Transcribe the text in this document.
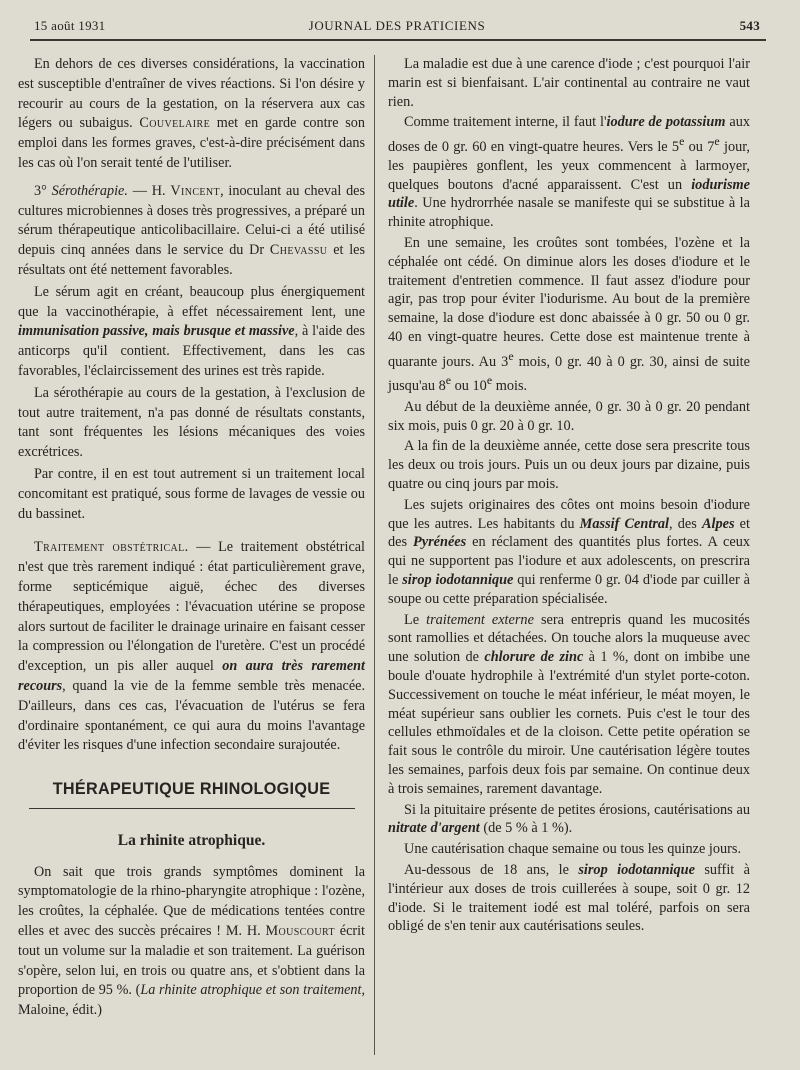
15 août 1931	JOURNAL DES PRATICIENS	543

En dehors de ces diverses considérations, la vaccination est susceptible d'entraîner de vives réactions. Si l'on désire y recourir au cours de la gestation, on la réservera aux cas légers ou subaigus. Couvelaire met en garde contre son emploi dans les formes graves, c'est-à-dire précisément dans les cas où l'on serait tenté de l'utiliser.

3° Sérothérapie. — H. Vincent, inoculant au cheval des cultures microbiennes à doses très progressives, a préparé un sérum thérapeutique anticolibacillaire. Celui-ci a été utilisé depuis cinq années dans le service du Dr Chevassu et les résultats ont été nettement favorables.

Le sérum agit en créant, beaucoup plus énergiquement que la vaccinothérapie, à effet nécessairement lent, une immunisation passive, mais brusque et massive, à l'aide des anticorps qu'il contient. Effectivement, dans les cas favorables, l'éclaircissement des urines est très rapide.

La sérothérapie au cours de la gestation, à l'exclusion de tout autre traitement, n'a pas donné de résultats constants, tant sont fréquentes les lésions mécaniques des voies excrétrices.

Par contre, il en est tout autrement si un traitement local concomitant est pratiqué, sous forme de lavages de vessie ou du bassinet.

Traitement obstétrical. — Le traitement obstétrical n'est que très rarement indiqué : état particulièrement grave, forme septicémique aiguë, échec des diverses thérapeutiques, employées : l'évacuation utérine se propose alors surtout de faciliter le drainage urinaire en faisant cesser la compression ou l'élongation de l'uretère. C'est un procédé d'exception, un pis aller auquel on aura très rarement recours, quand la vie de la femme semble très menacée. D'ailleurs, dans ces cas, l'évacuation de l'utérus se fera d'ordinaire spontanément, ce qui aura du moins l'avantage d'éviter les risques d'une infection secondaire surajoutée.

THÉRAPEUTIQUE RHINOLOGIQUE
La rhinite atrophique.

On sait que trois grands symptômes dominent la symptomatologie de la rhino-pharyngite atrophique : l'ozène, les croûtes, la céphalée. Que de médications tentées contre elles et avec des succès précaires ! M. H. Mouscourt écrit tout un volume sur la maladie et son traitement. La guérison s'opère, selon lui, en trois ou quatre ans, et s'obtient dans la proportion de 95 %. (La rhinite atrophique et son traitement, Maloine, édit.)

La maladie est due à une carence d'iode ; c'est pourquoi l'air marin est si bienfaisant. L'air continental au contraire ne vaut rien.

Comme traitement interne, il faut l'iodure de potassium aux doses de 0 gr. 60 en vingt-quatre heures. Vers le 5e ou 7e jour, les paupières gonflent, les yeux commencent à larmoyer, quelques boutons d'acné apparaissent. C'est un iodurisme utile. Une hydrorrhée nasale se manifeste qui se substitue à la rhinite atrophique.

En une semaine, les croûtes sont tombées, l'ozène et la céphalée ont cédé. On diminue alors les doses d'iodure et le traitement d'entretien commence. Il faut assez d'iodure pour agir, pas trop pour éviter l'iodurisme. Au bout de la première semaine, la dose d'iodure est donc abaissée à 0 gr. 50 ou 0 gr. 40 en vingt-quatre heures. Cette dose est maintenue trente à quarante jours. Au 3e mois, 0 gr. 40 à 0 gr. 30, ainsi de suite jusqu'au 8e ou 10e mois.

Au début de la deuxième année, 0 gr. 30 à 0 gr. 20 pendant six mois, puis 0 gr. 20 à 0 gr. 10.

A la fin de la deuxième année, cette dose sera prescrite tous les deux ou trois jours. Puis un ou deux jours par dizaine, puis quatre ou cinq jours par mois.

Les sujets originaires des côtes ont moins besoin d'iodure que les autres. Les habitants du Massif Central, des Alpes et des Pyrénées en réclament des quantités plus fortes. A ceux qui ne supportent pas l'iodure et aux adolescents, on prescrira le sirop iodotannique qui renferme 0 gr. 04 d'iode par cuiller à soupe ou cette préparation spécialisée.

Le traitement externe sera entrepris quand les mucosités sont ramollies et détachées. On touche alors la muqueuse avec une solution de chlorure de zinc à 1 %, dont on imbibe une boule d'ouate hydrophile à l'extrémité d'un stylet porte-coton. Successivement on touche le méat inférieur, le méat moyen, le méat supérieur sans oublier les cornets. Puis c'est le tour des cellules ethmoïdales et de la cloison. Cette petite opération se fait sous le contrôle du miroir. Une cautérisation légère toutes les semaines, parfois deux fois par semaine. On continue deux à trois semaines, rarement davantage.

Si la pituitaire présente de petites érosions, cautérisations au nitrate d'argent (de 5 % à 1 %).

Une cautérisation chaque semaine ou tous les quinze jours.

Au-dessous de 18 ans, le sirop iodotannique suffit à l'intérieur aux doses de trois cuillerées à soupe, soit 0 gr. 12 d'iode. Si le traitement iodé est mal toléré, parfois on sera obligé de s'en tenir aux cautérisations seules.
